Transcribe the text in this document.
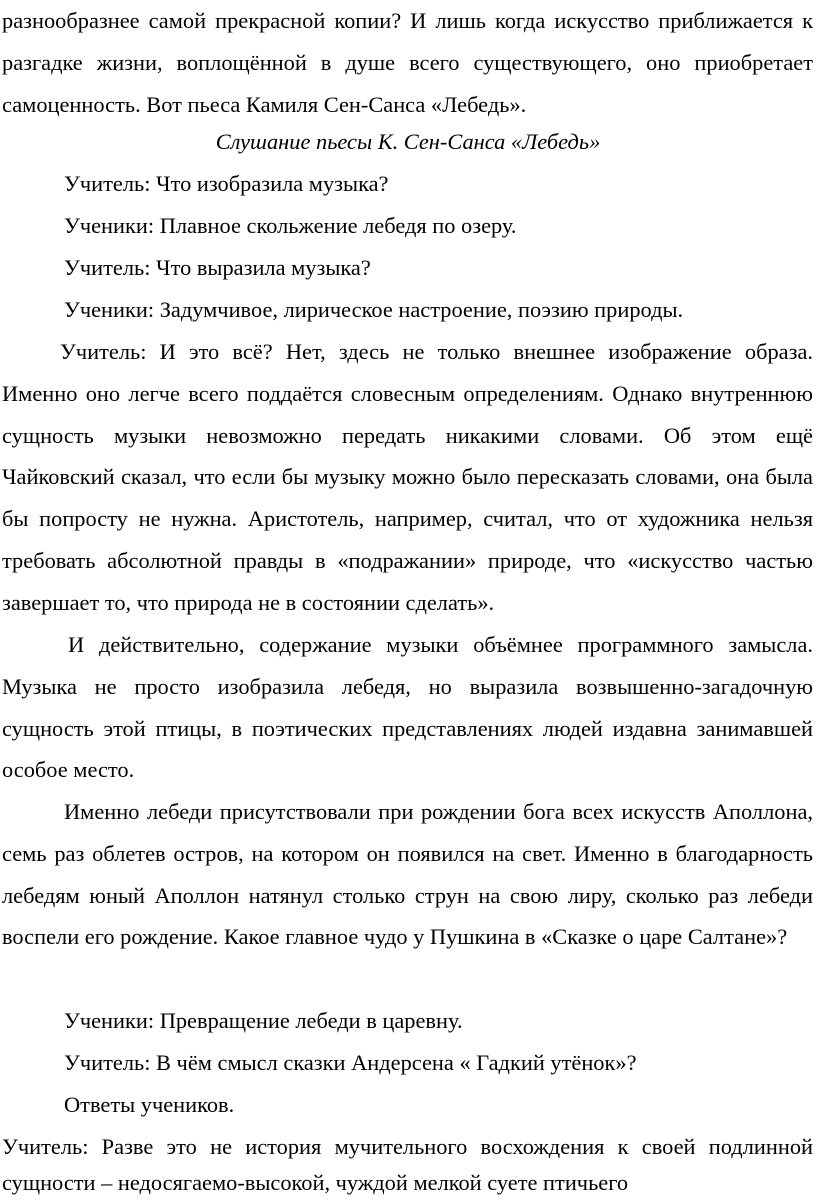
разнообразнее самой прекрасной копии? И лишь когда искусство приближается к разгадке жизни, воплощённой в душе всего существующего, оно приобретает самоценность. Вот пьеса Камиля Сен-Санса «Лебедь».

Слушание пьесы К. Сен-Санса «Лебедь»

Учитель: Что изобразила музыка?

Ученики: Плавное скольжение лебедя по озеру.

Учитель: Что выразила музыка?

Ученики: Задумчивое, лирическое настроение, поэзию природы.

Учитель: И это всё? Нет, здесь не только внешнее изображение образа. Именно оно легче всего поддаётся словесным определениям. Однако внутреннюю сущность музыки невозможно передать никакими словами. Об этом ещё Чайковский сказал, что если бы музыку можно было пересказать словами, она была бы попросту не нужна. Аристотель, например, считал, что от художника нельзя требовать абсолютной правды в «подражании» природе, что «искусство частью завершает то, что природа не в состоянии сделать».

И действительно, содержание музыки объёмнее программного замысла. Музыка не просто изобразила лебедя, но выразила возвышенно-загадочную сущность этой птицы, в поэтических представлениях людей издавна занимавшей особое место.

Именно лебеди присутствовали при рождении бога всех искусств Аполлона, семь раз облетев остров, на котором он появился на свет. Именно в благодарность лебедям юный Аполлон натянул столько струн на свою лиру, сколько раз лебеди воспели его рождение. Какое главное чудо у Пушкина в «Сказке о царе Салтане»?

Ученики: Превращение лебеди в царевну.

Учитель: В чём смысл сказки Андерсена « Гадкий утёнок»?

Ответы учеников.

Учитель: Разве это не история мучительного восхождения к своей подлинной сущности – недосягаемо-высокой, чуждой мелкой суете птичьего
